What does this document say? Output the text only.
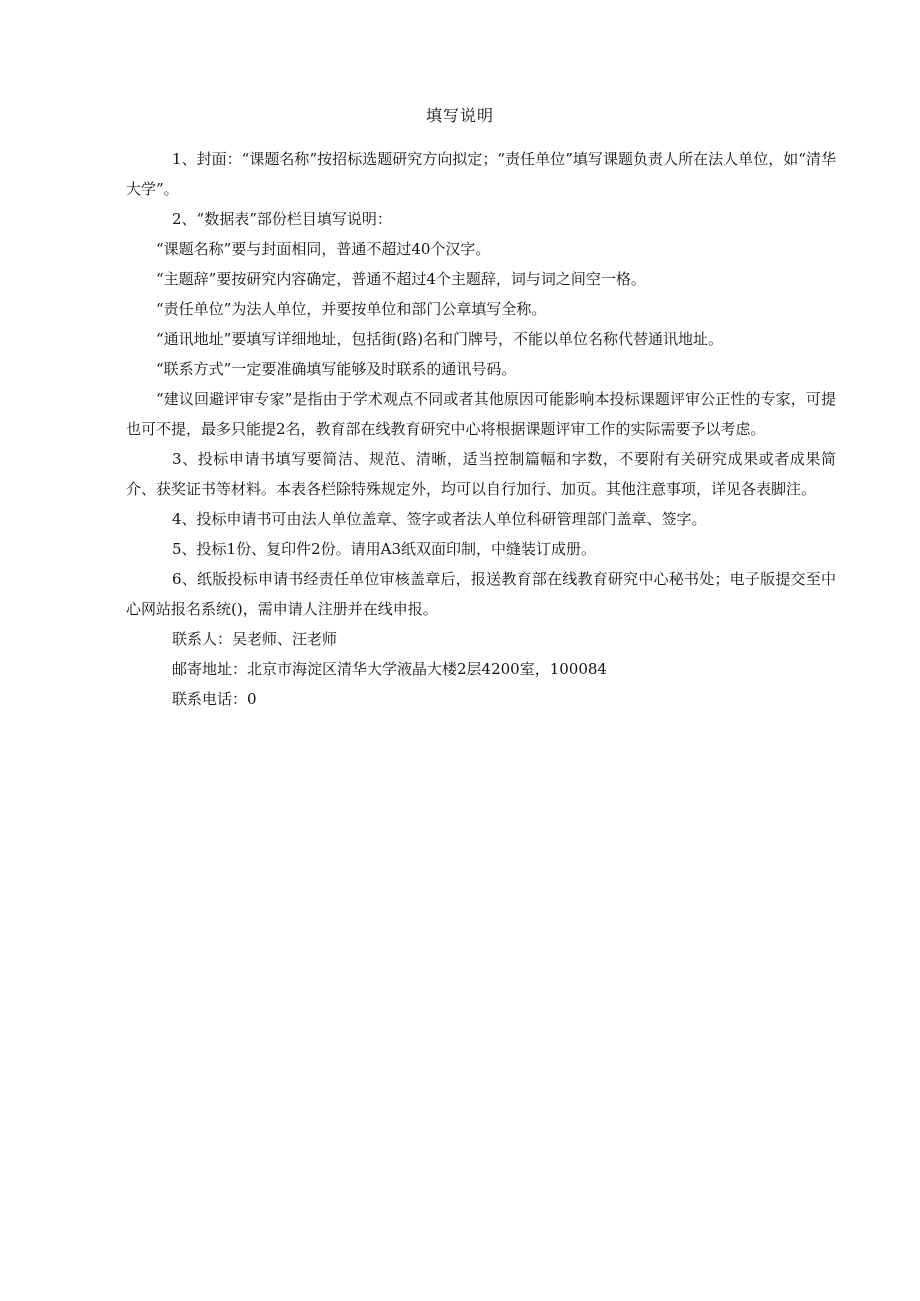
填写说明

1、封面：“课题名称”按招标选题研究方向拟定；“责任单位”填写课题负责人所在法人单位，如“清华大学”。

2、“数据表”部份栏目填写说明：

“课题名称”要与封面相同，普通不超过40个汉字。

“主题辞”要按研究内容确定，普通不超过4个主题辞，词与词之间空一格。

“责任单位”为法人单位，并要按单位和部门公章填写全称。

“通讯地址”要填写详细地址，包括街(路)名和门牌号，不能以单位名称代替通讯地址。

“联系方式”一定要准确填写能够及时联系的通讯号码。

“建议回避评审专家”是指由于学术观点不同或者其他原因可能影响本投标课题评审公正性的专家，可提也可不提，最多只能提2名，教育部在线教育研究中心将根据课题评审工作的实际需要予以考虑。

3、投标申请书填写要简洁、规范、清晰，适当控制篇幅和字数，不要附有关研究成果或者成果简介、获奖证书等材料。本表各栏除特殊规定外，均可以自行加行、加页。其他注意事项，详见各表脚注。

4、投标申请书可由法人单位盖章、签字或者法人单位科研管理部门盖章、签字。

5、投标1份、复印件2份。请用A3纸双面印制，中缝装订成册。

6、纸版投标申请书经责任单位审核盖章后，报送教育部在线教育研究中心秘书处；电子版提交至中心网站报名系统()，需申请人注册并在线申报。

联系人：吴老师、汪老师

邮寄地址：北京市海淀区清华大学液晶大楼2层4200室，100084

联系电话：0
